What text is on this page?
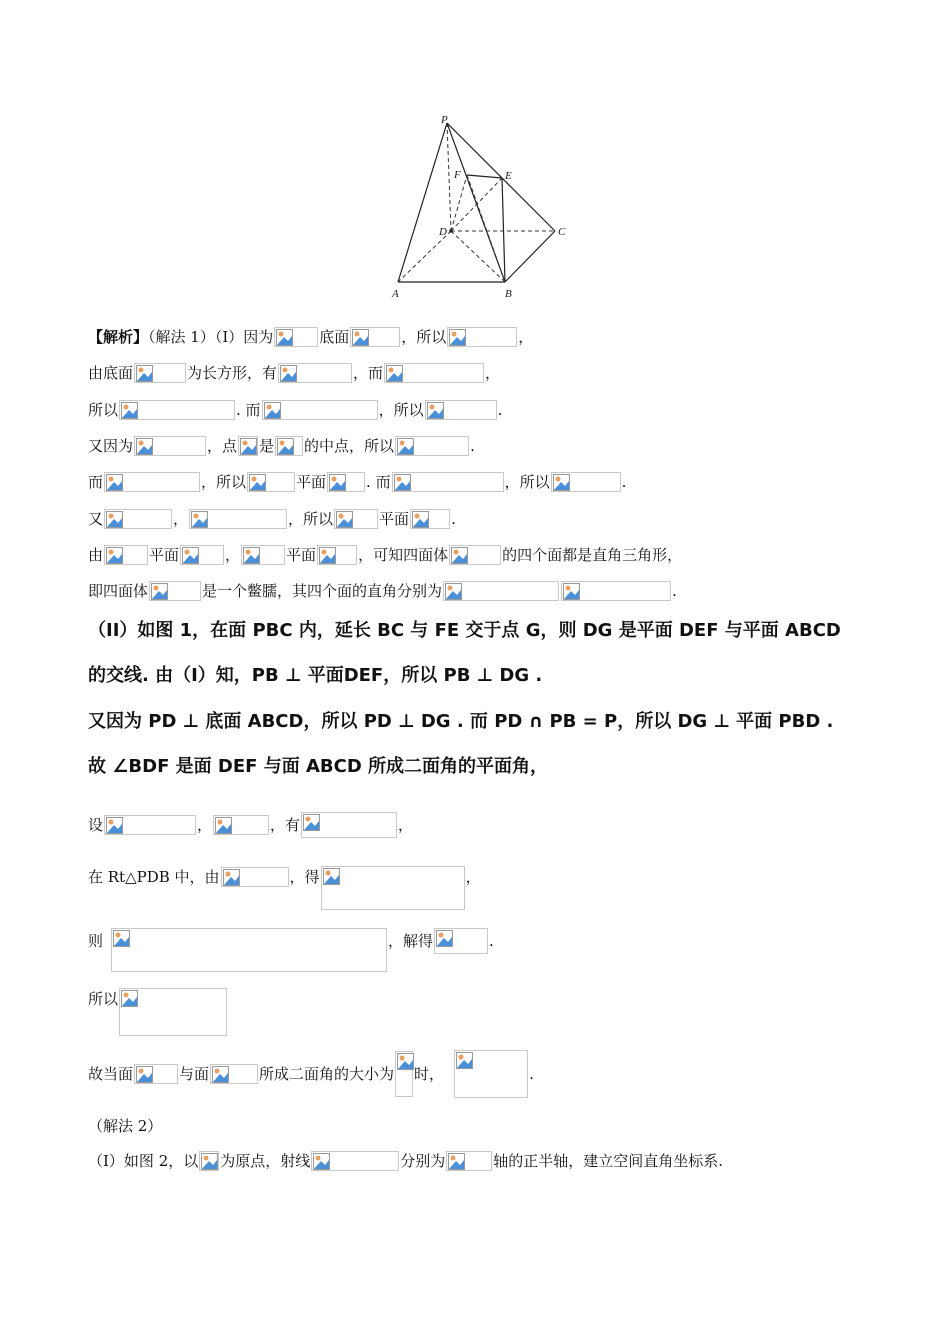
P
F	E
D	C
A	B
【解析】（解法 1）（Ⅰ）因为	底面	，所以	，
由底面	为长方形，有	，而	，
所以	. 而	，所以	.
又因为	，点 是 的中点，所以	.
而	，所以	平面	. 而	，所以	.
又	，	，所以	平面	.
由	平面	，	平面	，可知四面体	的四个面都是直角三角形，
即四面体	是一个鳖臑，其四个面的直角分别为	.
（II）如图 1，在面 PBC 内，延长 BC 与 FE 交于点 G，则 DG 是平面 DEF 与平面 ABCD
的交线. 由（I）知，PB ⊥ 平面DEF，所以 PB ⊥ DG .
又因为 PD ⊥ 底面 ABCD，所以 PD ⊥ DG . 而 PD ∩ PB = P，所以 DG ⊥ 平面 PBD .
故 ∠BDF 是面 DEF 与面 ABCD 所成二面角的平面角，
设	，	，有	，
在 Rt△PDB 中，由	，得	，
则	，解得	.
所以
故当面	与面	所成二面角的大小为 时，	.
（解法 2）
（Ⅰ）如图 2，以 为原点，射线	分别为	轴的正半轴，建立空间直角坐标系.
